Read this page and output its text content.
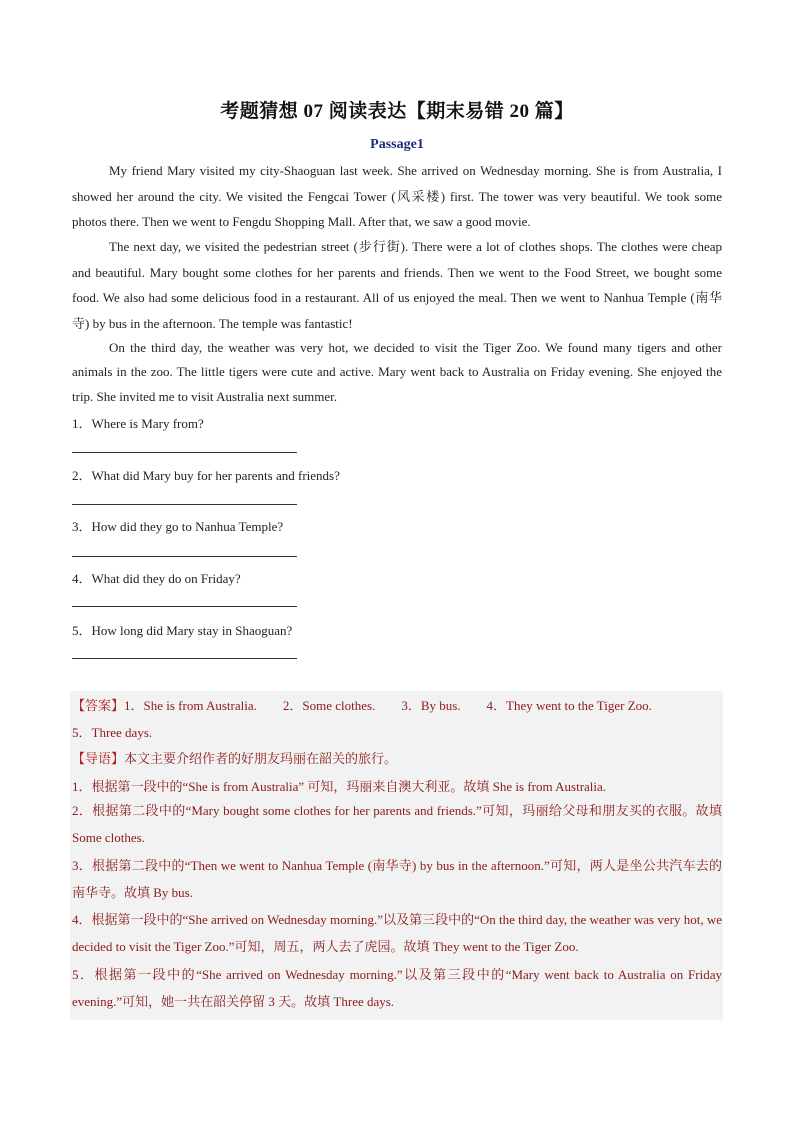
考题猜想 07 阅读表达【期末易错 20 篇】
Passage1

My friend Mary visited my city-Shaoguan last week. She arrived on Wednesday morning. She is from Australia, I showed her around the city. We visited the Fengcai Tower (风采楼) first. The tower was very beautiful. We took some photos there. Then we went to Fengdu Shopping Mall. After that, we saw a good movie.

The next day, we visited the pedestrian street (步行街). There were a lot of clothes shops. The clothes were cheap and beautiful. Mary bought some clothes for her parents and friends. Then we went to the Food Street, we bought some food. We also had some delicious food in a restaurant. All of us enjoyed the meal. Then we went to Nanhua Temple (南华寺) by bus in the afternoon. The temple was fantastic!

On the third day, the weather was very hot, we decided to visit the Tiger Zoo. We found many tigers and other animals in the zoo. The little tigers were cute and active. Mary went back to Australia on Friday evening. She enjoyed the trip. She invited me to visit Australia next summer.

1．Where is Mary from?
2．What did Mary buy for her parents and friends?
3．How did they go to Nanhua Temple?
4．What did they do on Friday?
5．How long did Mary stay in Shaoguan?
【答案】1．She is from Australia.        2．Some clothes.        3．By bus.        4．They went to the Tiger Zoo.
5．Three days.
【导语】本文主要介绍作者的好朋友玛丽在韶关的旅行。
1．根据第一段中的“She is from Australia” 可知，玛丽来自澳大利亚。故填 She is from Australia.

2．根据第二段中的“Mary bought some clothes for her parents and friends.”可知，玛丽给父母和朋友买的衣服。故填 Some clothes.

3．根据第二段中的“Then we went to Nanhua Temple (南华寺) by bus in the afternoon.”可知，两人是坐公共汽车去的南华寺。故填 By bus.

4．根据第一段中的“She arrived on Wednesday morning.”以及第三段中的“On the third day, the weather was very hot, we decided to visit the Tiger Zoo.”可知，周五，两人去了虎园。故填 They went to the Tiger Zoo.

5．根据第一段中的“She arrived on Wednesday morning.”以及第三段中的“Mary went back to Australia on Friday evening.”可知，她一共在韶关停留 3 天。故填 Three days.
